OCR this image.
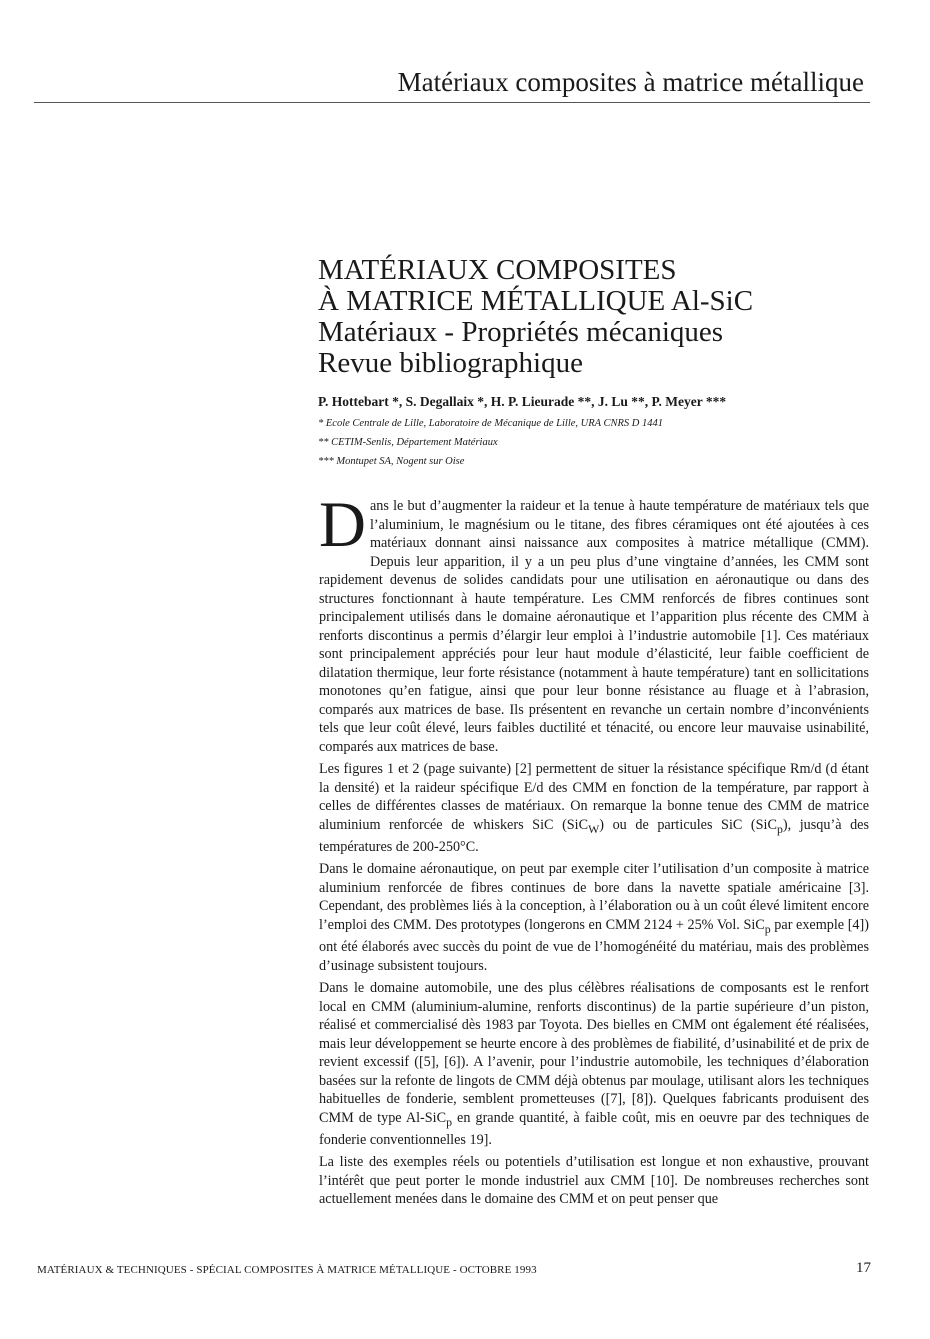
Matériaux composites à matrice métallique
MATÉRIAUX COMPOSITES
À MATRICE MÉTALLIQUE Al-SiC
Matériaux - Propriétés mécaniques
Revue bibliographique
P. Hottebart *, S. Degallaix *, H. P. Lieurade **, J. Lu **, P. Meyer ***
* Ecole Centrale de Lille, Laboratoire de Mécanique de Lille, URA CNRS D 1441
** CETIM-Senlis, Département Matériaux
*** Montupet SA, Nogent sur Oise

Dans le but d’augmenter la raideur et la tenue à haute température de matériaux tels que l’aluminium, le magnésium ou le titane, des fibres céramiques ont été ajoutées à ces matériaux donnant ainsi naissance aux composites à matrice métallique (CMM). Depuis leur apparition, il y a un peu plus d’une vingtaine d’années, les CMM sont rapidement devenus de solides candidats pour une utilisation en aéronautique ou dans des structures fonctionnant à haute température. Les CMM renforcés de fibres continues sont principalement utilisés dans le domaine aéronautique et l’apparition plus récente des CMM à renforts discontinus a permis d’élargir leur emploi à l’industrie automobile [1]. Ces matériaux sont principalement appréciés pour leur haut module d’élasticité, leur faible coefficient de dilatation thermique, leur forte résistance (notamment à haute température) tant en sollicitations monotones qu’en fatigue, ainsi que pour leur bonne résistance au fluage et à l’abrasion, comparés aux matrices de base. Ils présentent en revanche un certain nombre d’inconvénients tels que leur coût élevé, leurs faibles ductilité et ténacité, ou encore leur mauvaise usinabilité, comparés aux matrices de base.

Les figures 1 et 2 (page suivante) [2] permettent de situer la résistance spécifique Rm/d (d étant la densité) et la raideur spécifique E/d des CMM en fonction de la température, par rapport à celles de différentes classes de matériaux. On remarque la bonne tenue des CMM de matrice aluminium renforcée de whiskers SiC (SiC$_W$) ou de particules SiC (SiC$_p$), jusqu’à des températures de 200-250°C.

Dans le domaine aéronautique, on peut par exemple citer l’utilisation d’un composite à matrice aluminium renforcée de fibres continues de bore dans la navette spatiale américaine [3]. Cependant, des problèmes liés à la conception, à l’élaboration ou à un coût élevé limitent encore l’emploi des CMM. Des prototypes (longerons en CMM 2124 + 25% Vol. SiC$_p$ par exemple [4]) ont été élaborés avec succès du point de vue de l’homogénéité du matériau, mais des problèmes d’usinage subsistent toujours.

Dans le domaine automobile, une des plus célèbres réalisations de composants est le renfort local en CMM (aluminium-alumine, renforts discontinus) de la partie supérieure d’un piston, réalisé et commercialisé dès 1983 par Toyota. Des bielles en CMM ont également été réalisées, mais leur développement se heurte encore à des problèmes de fiabilité, d’usinabilité et de prix de revient excessif ([5], [6]). A l’avenir, pour l’industrie automobile, les techniques d’élaboration basées sur la refonte de lingots de CMM déjà obtenus par moulage, utilisant alors les techniques habituelles de fonderie, semblent prometteuses ([7], [8]). Quelques fabricants produisent des CMM de type Al-SiC$_p$ en grande quantité, à faible coût, mis en oeuvre par des techniques de fonderie conventionnelles 19].

La liste des exemples réels ou potentiels d’utilisation est longue et non exhaustive, prouvant l’intérêt que peut porter le monde industriel aux CMM [10]. De nombreuses recherches sont actuellement menées dans le domaine des CMM et on peut penser que

MATÉRIAUX & TECHNIQUES - SPÉCIAL COMPOSITES À MATRICE MÉTALLIQUE - OCTOBRE 1993	17
